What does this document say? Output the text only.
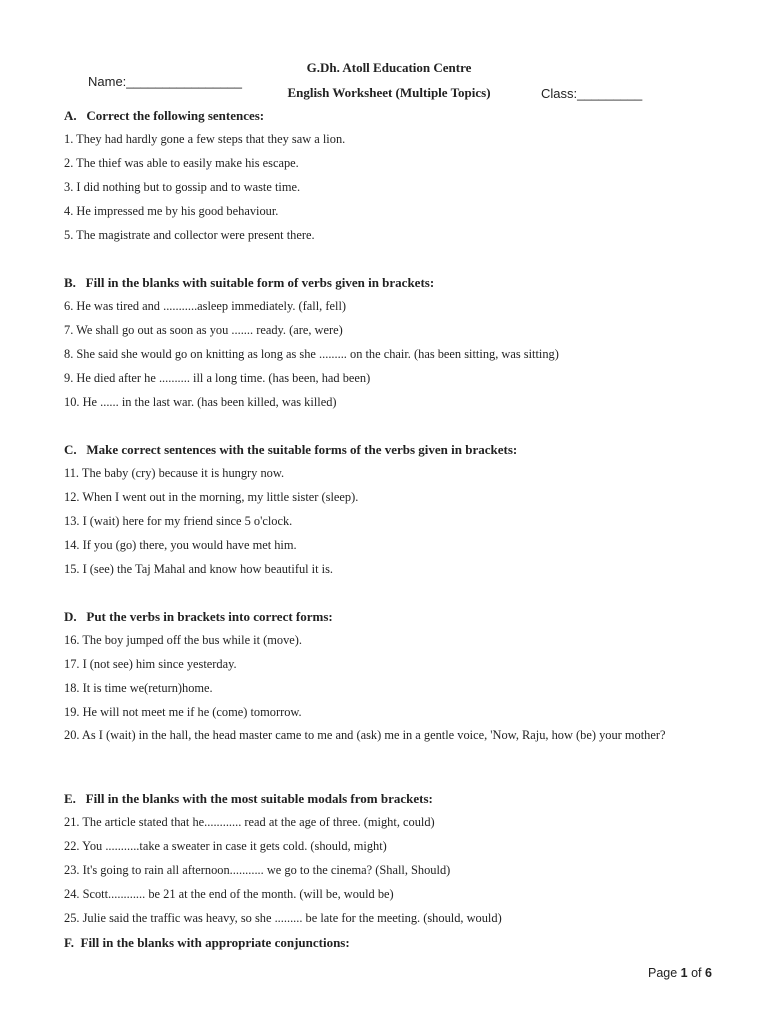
G.Dh. Atoll Education Centre
Name:________________
English Worksheet (Multiple Topics)	Class:_________
A.   Correct the following sentences:
1. They had hardly gone a few steps that they saw a lion.
2. The thief was able to easily make his escape.
3. I did nothing but to gossip and to waste time.
4. He impressed me by his good behaviour.
5. The magistrate and collector were present there.
B.   Fill in the blanks with suitable form of verbs given in brackets:
6. He was tired and ...........asleep immediately. (fall, fell)
7. We shall go out as soon as you ....... ready. (are, were)
8. She said she would go on knitting as long as she ......... on the chair. (has been sitting, was sitting)
9. He died after he .......... ill a long time. (has been, had been)
10. He ...... in the last war. (has been killed, was killed)
C.   Make correct sentences with the suitable forms of the verbs given in brackets:
11. The baby (cry) because it is hungry now.
12. When I went out in the morning, my little sister (sleep).
13. I (wait) here for my friend since 5 o'clock.
14. If you (go) there, you would have met him.
15. I (see) the Taj Mahal and know how beautiful it is.
D.   Put the verbs in brackets into correct forms:
16. The boy jumped off the bus while it (move).
17. I (not see) him since yesterday.
18. It is time we(return)home.
19. He will not meet me if he (come) tomorrow.
20. As I (wait) in the hall, the head master came to me and (ask) me in a gentle voice, 'Now, Raju, how (be) your mother?
E.   Fill in the blanks with the most suitable modals from brackets:
21. The article stated that he............ read at the age of three. (might, could)
22. You ...........take a sweater in case it gets cold. (should, might)
23. It's going to rain all afternoon........... we go to the cinema? (Shall, Should)
24. Scott............ be 21 at the end of the month. (will be, would be)
25. Julie said the traffic was heavy, so she ......... be late for the meeting. (should, would)
F.  Fill in the blanks with appropriate conjunctions:
Page 1 of 6
